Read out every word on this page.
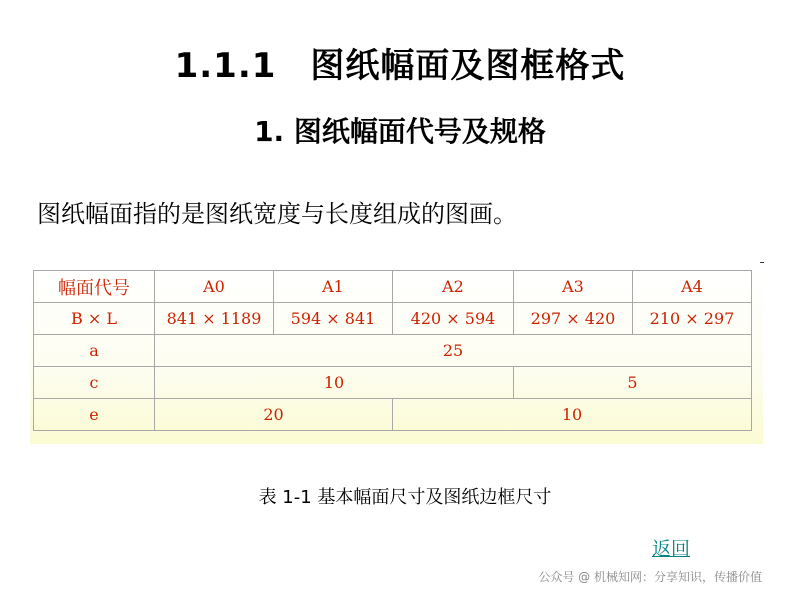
1.1.1 图纸幅面及图框格式
1. 图纸幅面代号及规格
图纸幅面指的是图纸宽度与长度组成的图画。
幅面代号	A0	A1	A2	A3	A4
B × L	841 × 1189	594 × 841	420 × 594	297 × 420	210 × 297
a	25				
c	10			5	
e	20		10		
表 1-1 基本幅面尺寸及图纸边框尺寸
返回
公众号 @ 机械知网：分享知识，传播价值
